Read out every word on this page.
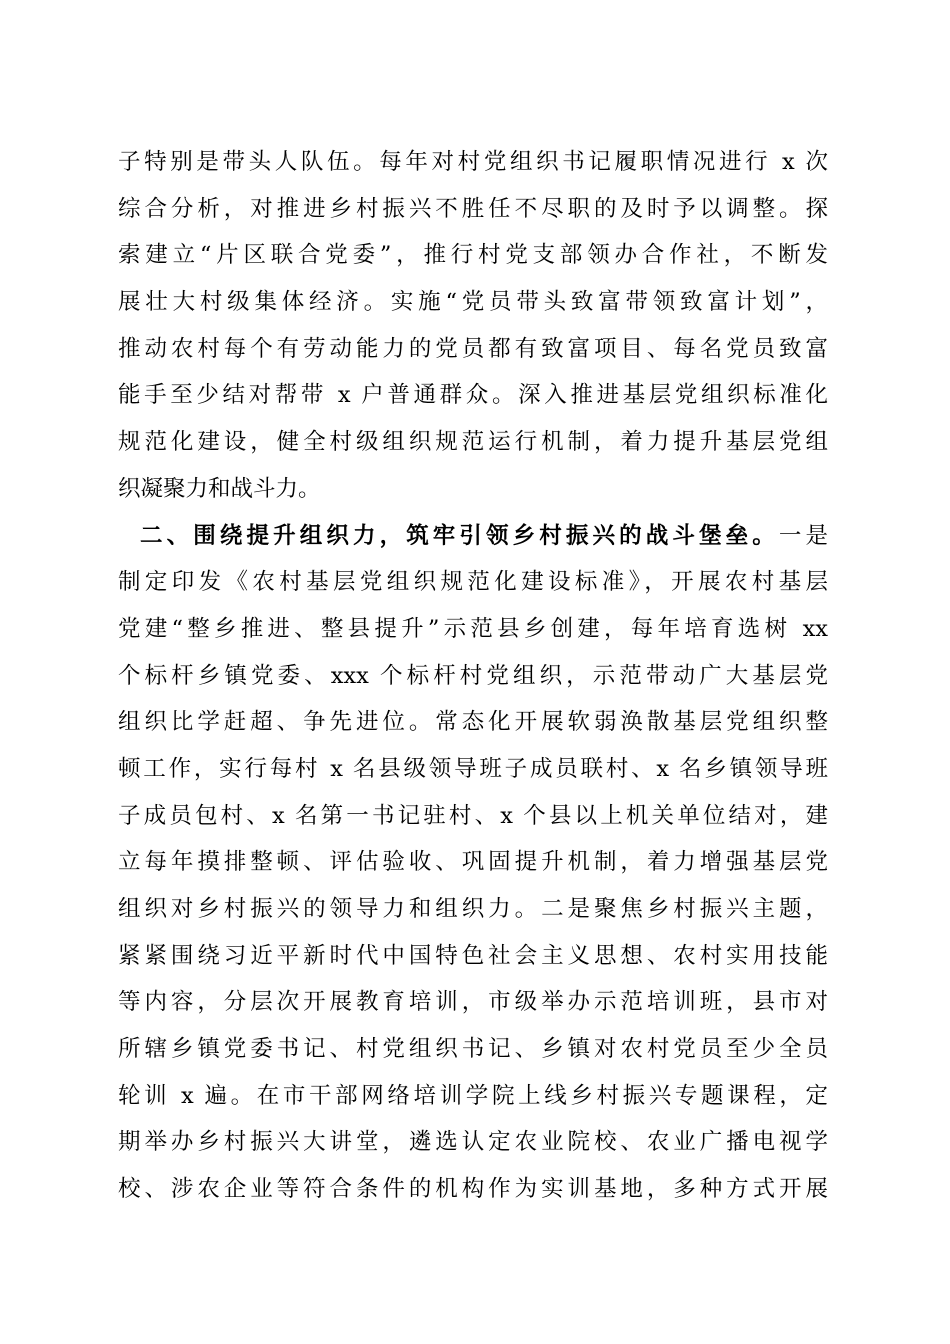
子特别是带头人队伍。每年对村党组织书记履职情况进行 x 次
综合分析，对推进乡村振兴不胜任不尽职的及时予以调整。探
索建立“片区联合党委”，推行村党支部领办合作社，不断发
展壮大村级集体经济。实施“党员带头致富带领致富计划”，
推动农村每个有劳动能力的党员都有致富项目、每名党员致富
能手至少结对帮带 x 户普通群众。深入推进基层党组织标准化
规范化建设，健全村级组织规范运行机制，着力提升基层党组
织凝聚力和战斗力。
二、围绕提升组织力，筑牢引领乡村振兴的战斗堡垒。一是
制定印发《农村基层党组织规范化建设标准》，开展农村基层
党建“整乡推进、整县提升”示范县乡创建，每年培育选树 xx
个标杆乡镇党委、xxx 个标杆村党组织，示范带动广大基层党
组织比学赶超、争先进位。常态化开展软弱涣散基层党组织整
顿工作，实行每村 x 名县级领导班子成员联村、x 名乡镇领导班
子成员包村、x 名第一书记驻村、x 个县以上机关单位结对，建
立每年摸排整顿、评估验收、巩固提升机制，着力增强基层党
组织对乡村振兴的领导力和组织力。二是聚焦乡村振兴主题，
紧紧围绕习近平新时代中国特色社会主义思想、农村实用技能
等内容，分层次开展教育培训，市级举办示范培训班，县市对
所辖乡镇党委书记、村党组织书记、乡镇对农村党员至少全员
轮训 x 遍。在市干部网络培训学院上线乡村振兴专题课程，定
期举办乡村振兴大讲堂，遴选认定农业院校、农业广播电视学
校、涉农企业等符合条件的机构作为实训基地，多种方式开展
